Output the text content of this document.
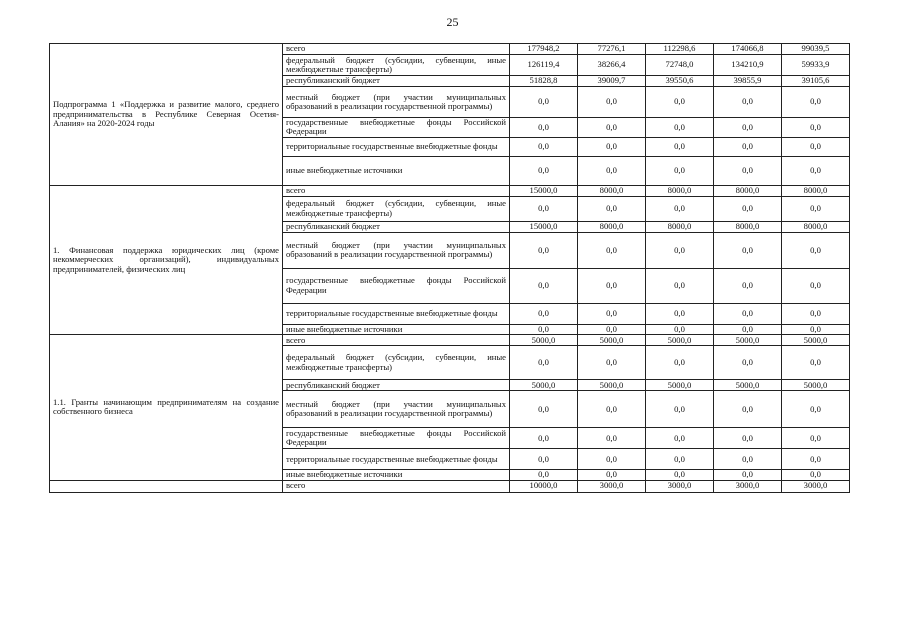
25
Подпрограмма 1 «Поддержка и развитие малого, среднего предпринимательства в Республике Северная Осетия-Алания» на 2020-2024 годы	всего	177948,2	77276,1	112298,6	174066,8	99039,5
	федеральный бюджет (субсидии, субвенции, иные межбюджетные трансферты)	126119,4	38266,4	72748,0	134210,9	59933,9
	республиканский бюджет	51828,8	39009,7	39550,6	39855,9	39105,6
	местный бюджет (при участии муниципальных образований в реализации государственной программы)	0,0	0,0	0,0	0,0	0,0
	государственные внебюджетные фонды Российской Федерации	0,0	0,0	0,0	0,0	0,0
	территориальные государственные внебюджетные фонды	0,0	0,0	0,0	0,0	0,0
	иные внебюджетные источники	0,0	0,0	0,0	0,0	0,0
1. Финансовая поддержка юридических лиц (кроме некоммерческих организаций), индивидуальных предпринимателей, физических лиц	всего	15000,0	8000,0	8000,0	8000,0	8000,0
	федеральный бюджет (субсидии, субвенции, иные межбюджетные трансферты)	0,0	0,0	0,0	0,0	0,0
	республиканский бюджет	15000,0	8000,0	8000,0	8000,0	8000,0
	местный бюджет (при участии муниципальных образований в реализации государственной программы)	0,0	0,0	0,0	0,0	0,0
	государственные внебюджетные фонды Российской Федерации	0,0	0,0	0,0	0,0	0,0
	территориальные государственные внебюджетные фонды	0,0	0,0	0,0	0,0	0,0
	иные внебюджетные источники	0,0	0,0	0,0	0,0	0,0
1.1. Гранты начинающим предпринимателям на создание собственного бизнеса	всего	5000,0	5000,0	5000,0	5000,0	5000,0
	федеральный бюджет (субсидии, субвенции, иные межбюджетные трансферты)	0,0	0,0	0,0	0,0	0,0
	республиканский бюджет	5000,0	5000,0	5000,0	5000,0	5000,0
	местный бюджет (при участии муниципальных образований в реализации государственной программы)	0,0	0,0	0,0	0,0	0,0
	государственные внебюджетные фонды Российской Федерации	0,0	0,0	0,0	0,0	0,0
	территориальные государственные внебюджетные фонды	0,0	0,0	0,0	0,0	0,0
	иные внебюджетные источники	0,0	0,0	0,0	0,0	0,0
	всего	10000,0	3000,0	3000,0	3000,0	3000,0
